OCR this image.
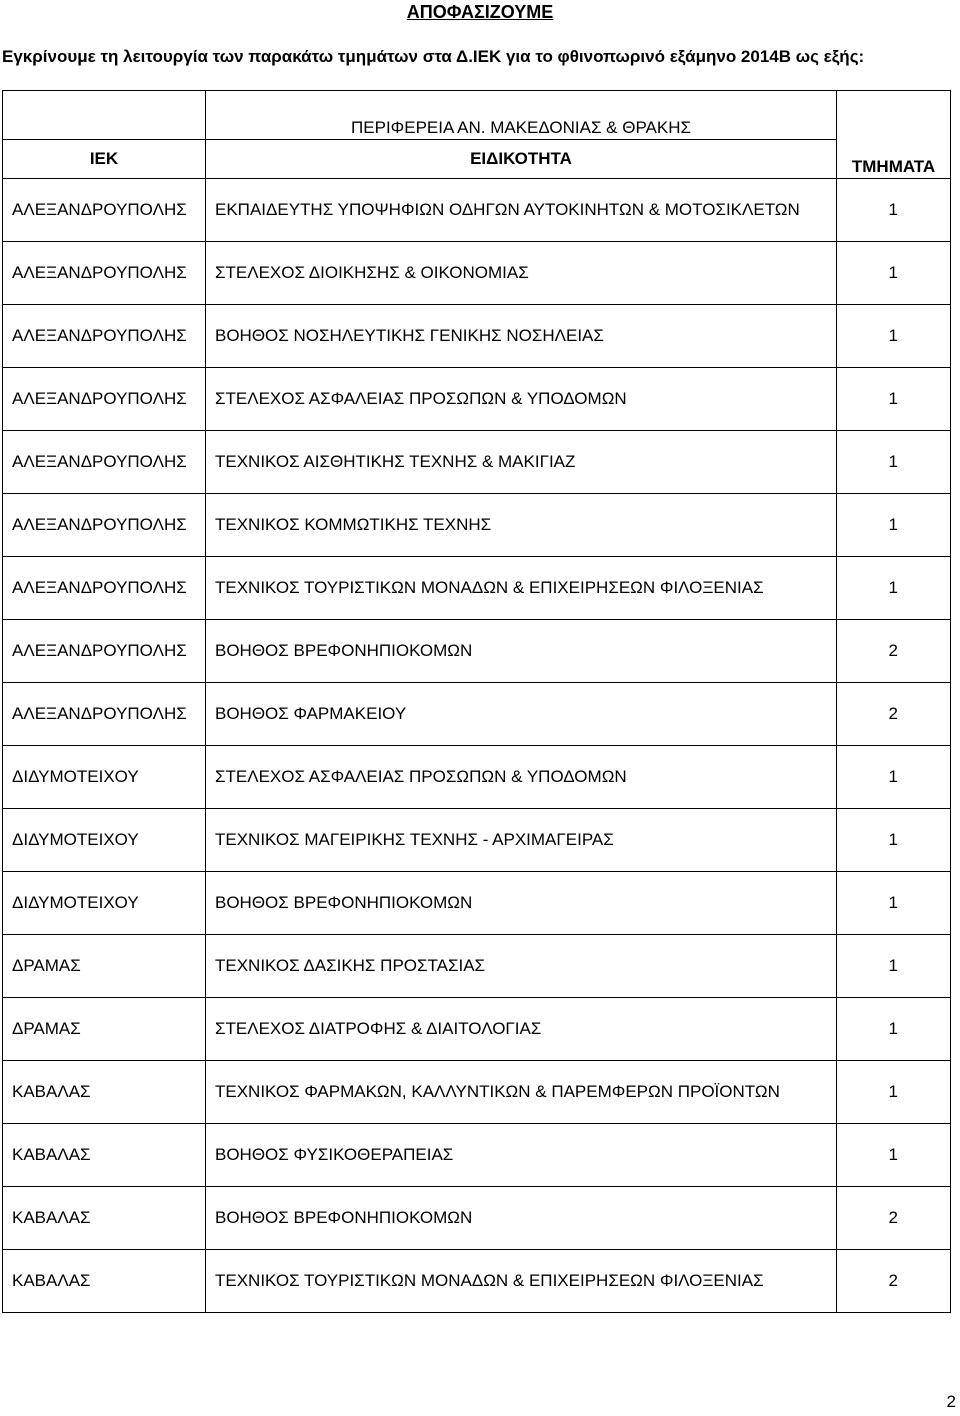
ΑΠΟΦΑΣΙΖΟΥΜΕ
Εγκρίνουμε τη λειτουργία των παρακάτω τμημάτων στα Δ.ΙΕΚ για το φθινοπωρινό εξάμηνο 2014Β ως εξής:
	ΠΕΡΙΦΕΡΕΙΑ ΑΝ. ΜΑΚΕΔΟΝΙΑΣ & ΘΡΑΚΗΣ	ΤΜΗΜΑΤΑ
ΙΕΚ	ΕΙΔΙΚΟΤΗΤΑ	
ΑΛΕΞΑΝΔΡΟΥΠΟΛΗΣ	ΕΚΠΑΙΔΕΥΤΗΣ ΥΠΟΨΗΦΙΩΝ ΟΔΗΓΩΝ ΑΥΤΟΚΙΝΗΤΩΝ & ΜΟΤΟΣΙΚΛΕΤΩΝ	1
ΑΛΕΞΑΝΔΡΟΥΠΟΛΗΣ	ΣΤΕΛΕΧΟΣ ΔΙΟΙΚΗΣΗΣ & ΟΙΚΟΝΟΜΙΑΣ	1
ΑΛΕΞΑΝΔΡΟΥΠΟΛΗΣ	ΒΟΗΘΟΣ ΝΟΣΗΛΕΥΤΙΚΗΣ ΓΕΝΙΚΗΣ ΝΟΣΗΛΕΙΑΣ	1
ΑΛΕΞΑΝΔΡΟΥΠΟΛΗΣ	ΣΤΕΛΕΧΟΣ ΑΣΦΑΛΕΙΑΣ ΠΡΟΣΩΠΩΝ & ΥΠΟΔΟΜΩΝ	1
ΑΛΕΞΑΝΔΡΟΥΠΟΛΗΣ	ΤΕΧΝΙΚΟΣ ΑΙΣΘΗΤΙΚΗΣ ΤΕΧΝΗΣ & ΜΑΚΙΓΙΑΖ	1
ΑΛΕΞΑΝΔΡΟΥΠΟΛΗΣ	ΤΕΧΝΙΚΟΣ ΚΟΜΜΩΤΙΚΗΣ ΤΕΧΝΗΣ	1
ΑΛΕΞΑΝΔΡΟΥΠΟΛΗΣ	ΤΕΧΝΙΚΟΣ ΤΟΥΡΙΣΤΙΚΩΝ ΜΟΝΑΔΩΝ & ΕΠΙΧΕΙΡΗΣΕΩΝ ΦΙΛΟΞΕΝΙΑΣ	1
ΑΛΕΞΑΝΔΡΟΥΠΟΛΗΣ	ΒΟΗΘΟΣ ΒΡΕΦΟΝΗΠΙΟΚΟΜΩΝ	2
ΑΛΕΞΑΝΔΡΟΥΠΟΛΗΣ	ΒΟΗΘΟΣ ΦΑΡΜΑΚΕΙΟΥ	2
ΔΙΔΥΜΟΤΕΙΧΟΥ	ΣΤΕΛΕΧΟΣ ΑΣΦΑΛΕΙΑΣ ΠΡΟΣΩΠΩΝ & ΥΠΟΔΟΜΩΝ	1
ΔΙΔΥΜΟΤΕΙΧΟΥ	ΤΕΧΝΙΚΟΣ ΜΑΓΕΙΡΙΚΗΣ ΤΕΧΝΗΣ - ΑΡΧΙΜΑΓΕΙΡΑΣ	1
ΔΙΔΥΜΟΤΕΙΧΟΥ	ΒΟΗΘΟΣ ΒΡΕΦΟΝΗΠΙΟΚΟΜΩΝ	1
ΔΡΑΜΑΣ	ΤΕΧΝΙΚΟΣ ΔΑΣΙΚΗΣ ΠΡΟΣΤΑΣΙΑΣ	1
ΔΡΑΜΑΣ	ΣΤΕΛΕΧΟΣ ΔΙΑΤΡΟΦΗΣ & ΔΙΑΙΤΟΛΟΓΙΑΣ	1
ΚΑΒΑΛΑΣ	ΤΕΧΝΙΚΟΣ ΦΑΡΜΑΚΩΝ, ΚΑΛΛΥΝΤΙΚΩΝ & ΠΑΡΕΜΦΕΡΩΝ ΠΡΟΪΟΝΤΩΝ	1
ΚΑΒΑΛΑΣ	ΒΟΗΘΟΣ ΦΥΣΙΚΟΘΕΡΑΠΕΙΑΣ	1
ΚΑΒΑΛΑΣ	ΒΟΗΘΟΣ ΒΡΕΦΟΝΗΠΙΟΚΟΜΩΝ	2
ΚΑΒΑΛΑΣ	ΤΕΧΝΙΚΟΣ ΤΟΥΡΙΣΤΙΚΩΝ ΜΟΝΑΔΩΝ & ΕΠΙΧΕΙΡΗΣΕΩΝ ΦΙΛΟΞΕΝΙΑΣ	2
2
